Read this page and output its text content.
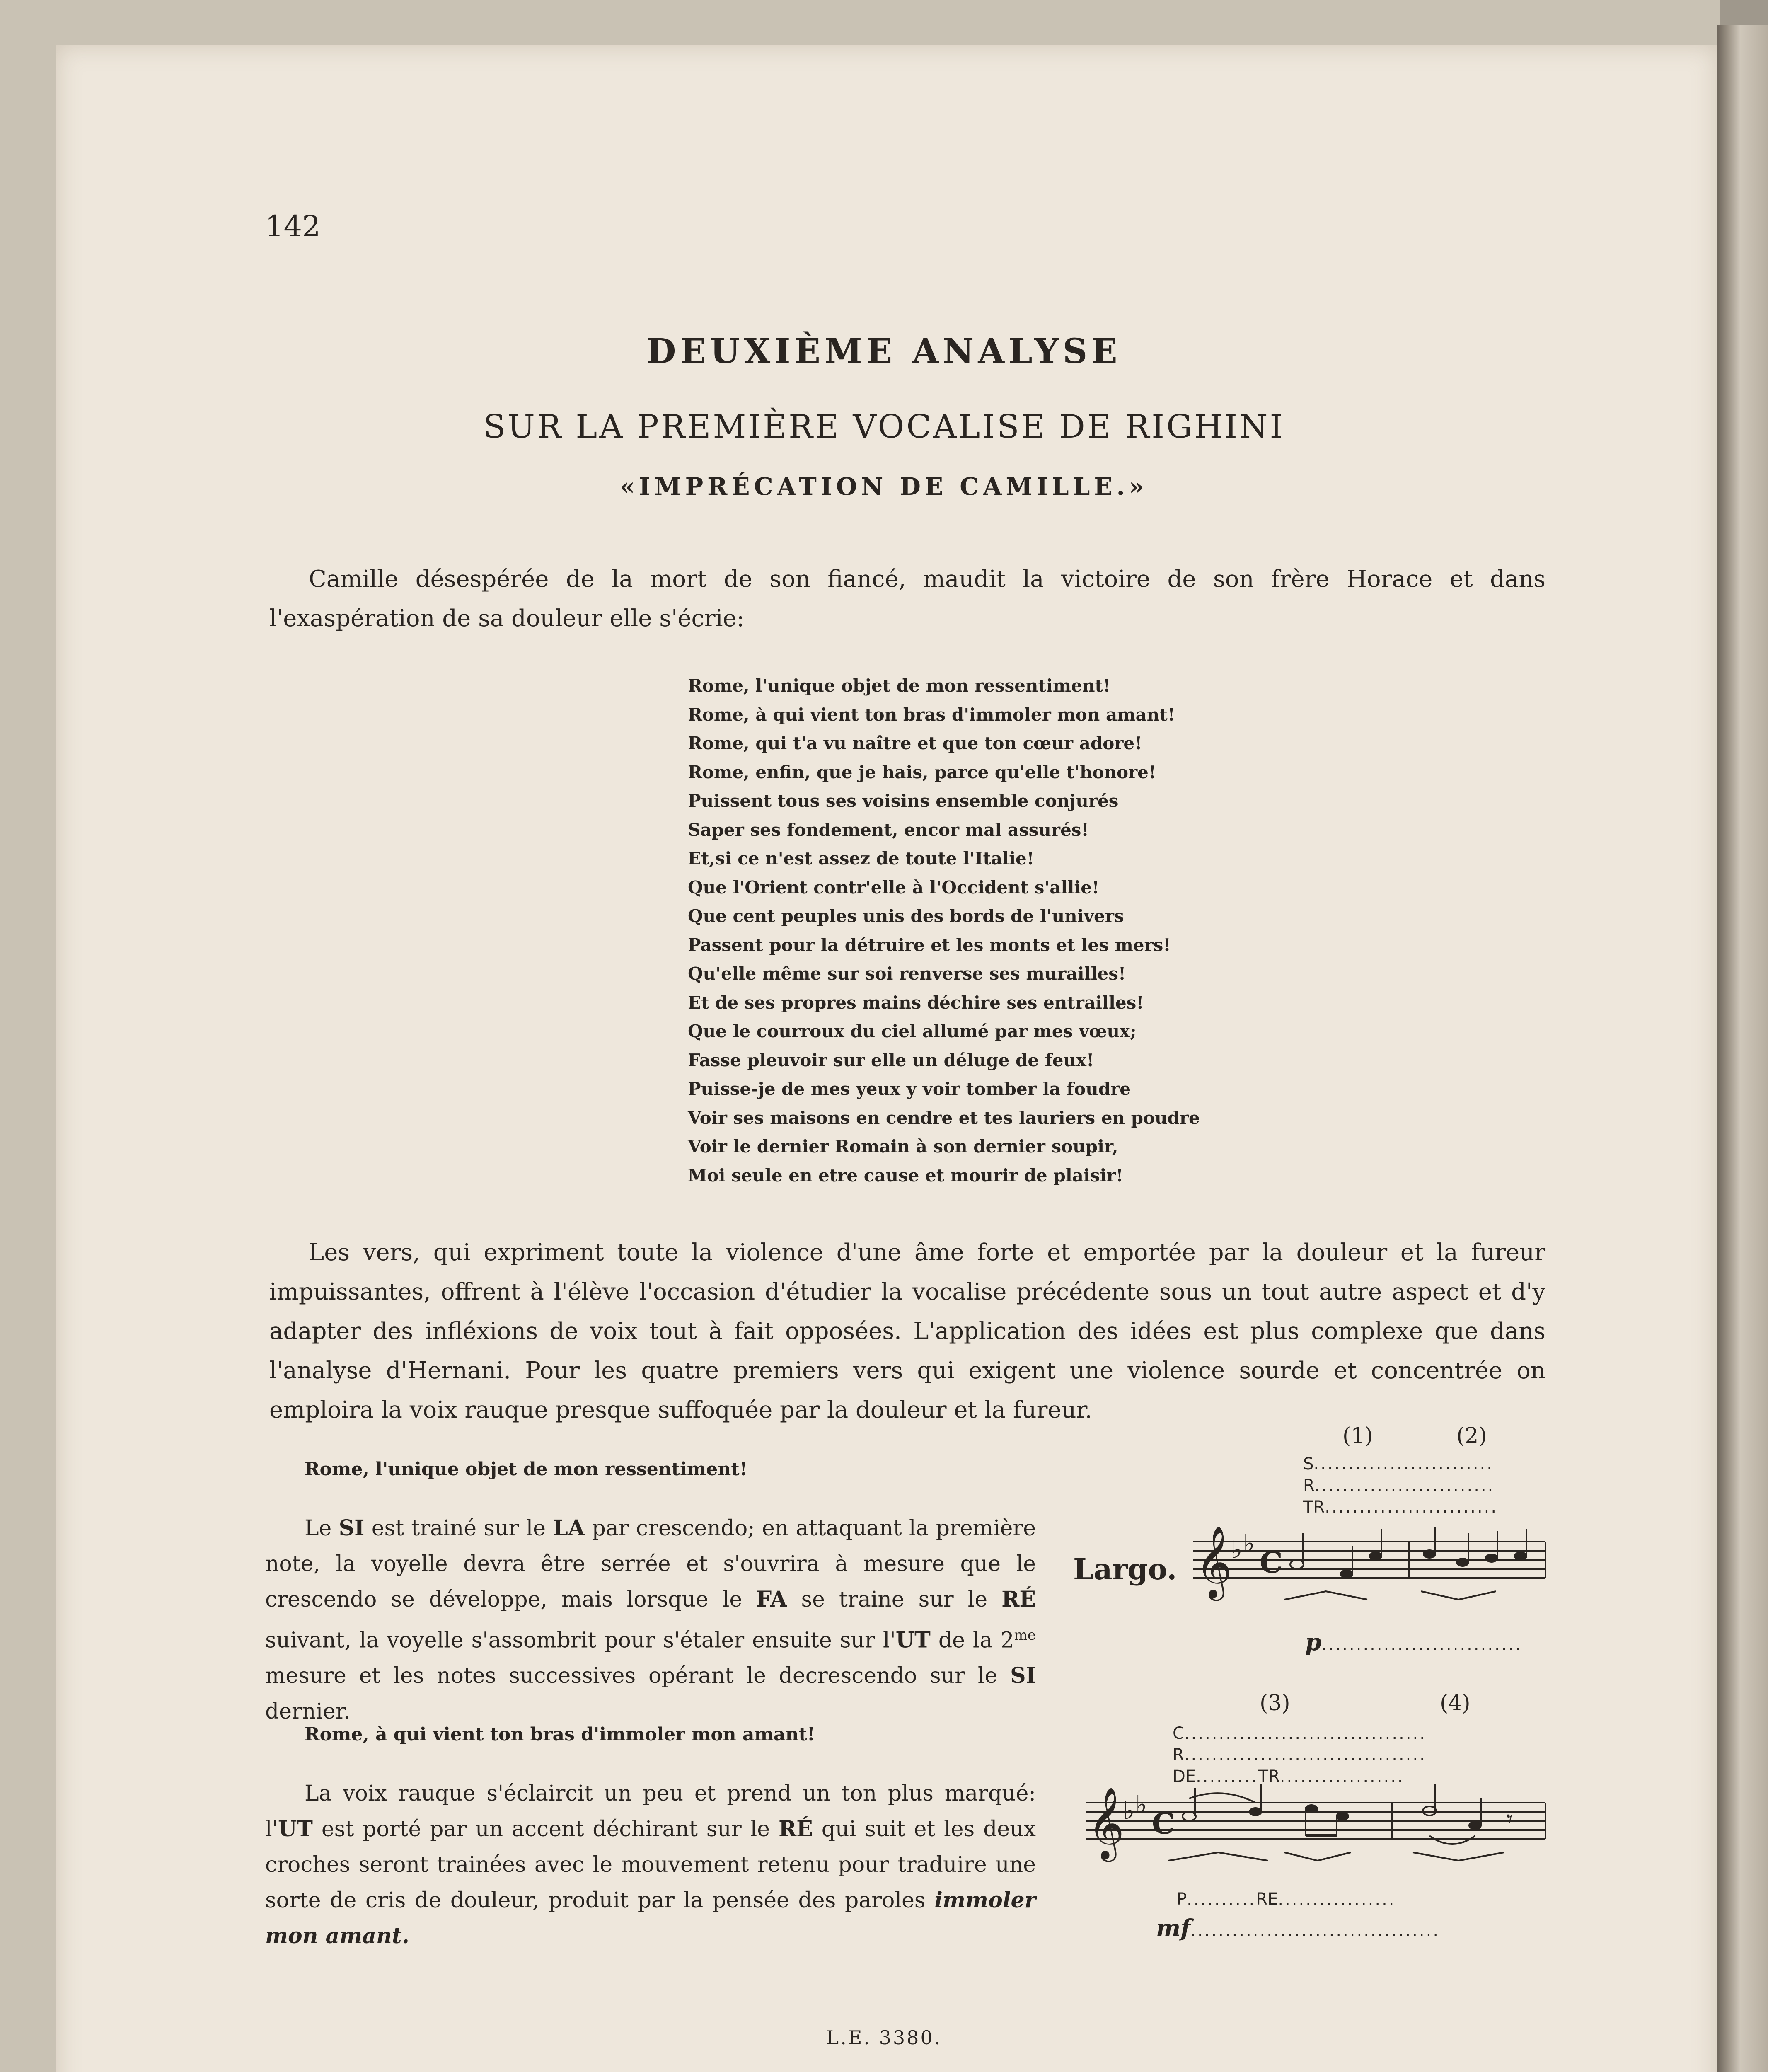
142
DEUXIÈME ANALYSE
SUR LA PREMIÈRE VOCALISE DE RIGHINI
«IMPRÉCATION DE CAMILLE.»
Camille désespérée de la mort de son fiancé, maudit la victoire de son frère Horace et dans l'exaspération de sa douleur elle s'écrie:
Rome, l'unique objet de mon ressentiment!
Rome, à qui vient ton bras d'immoler mon amant!
Rome, qui t'a vu naître et que ton cœur adore!
Rome, enfin, que je hais, parce qu'elle t'honore!
Puissent tous ses voisins ensemble conjurés
Saper ses fondement, encor mal assurés!
Et,si ce n'est assez de toute l'Italie!
Que l'Orient contr'elle à l'Occident s'allie!
Que cent peuples unis des bords de l'univers
Passent pour la détruire et les monts et les mers!
Qu'elle même sur soi renverse ses murailles!
Et de ses propres mains déchire ses entrailles!
Que le courroux du ciel allumé par mes vœux;
Fasse pleuvoir sur elle un déluge de feux!
Puisse-je de mes yeux y voir tomber la foudre
Voir ses maisons en cendre et tes lauriers en poudre
Voir le dernier Romain à son dernier soupir,
Moi seule en etre cause et mourir de plaisir!
Les vers, qui expriment toute la violence d'une âme forte et emportée par la douleur et la fureur impuissantes, offrent à l'élève l'occasion d'étudier la vocalise précédente sous un tout autre aspect et d'y adapter des infléxions de voix tout à fait opposées. L'application des idées est plus complexe que dans l'analyse d'Hernani. Pour les quatre premiers vers qui exigent une violence sourde et concentrée on emploira la voix rauque presque suffoquée par la douleur et la fureur.
Rome, l'unique objet de mon ressentiment!
Le SI est trainé sur le LA par crescendo; en attaquant la première note, la voyelle devra être serrée et s'ouvrira à mesure que le crescendo se développe, mais lorsque le FA se traine sur le RÉ suivant, la voyelle s'assombrit pour s'étaler ensuite sur l'UT de la $2^{me}$ mesure et les notes successives opérant le decrescendo sur le SI dernier.
Rome, à qui vient ton bras d'immoler mon amant!
La voix rauque s'éclaircit un peu et prend un ton plus marqué: l'UT est porté par un accent déchirant sur le RÉ qui suit et les deux croches seront trainées avec le mouvement retenu pour traduire une sorte de cris de douleur, produit par la pensée des paroles immoler mon amant.
(1)	(2)
S..........................
R..........................
TR.........................
Largo. 𝄞
♭ ♭
C
p.............................
(3)	(4)
C...................................
R...................................
DE.........TR..................
𝄞
♭ ♭
C	𝄾
P..........RE.................
mf....................................
L.E. 3380.
